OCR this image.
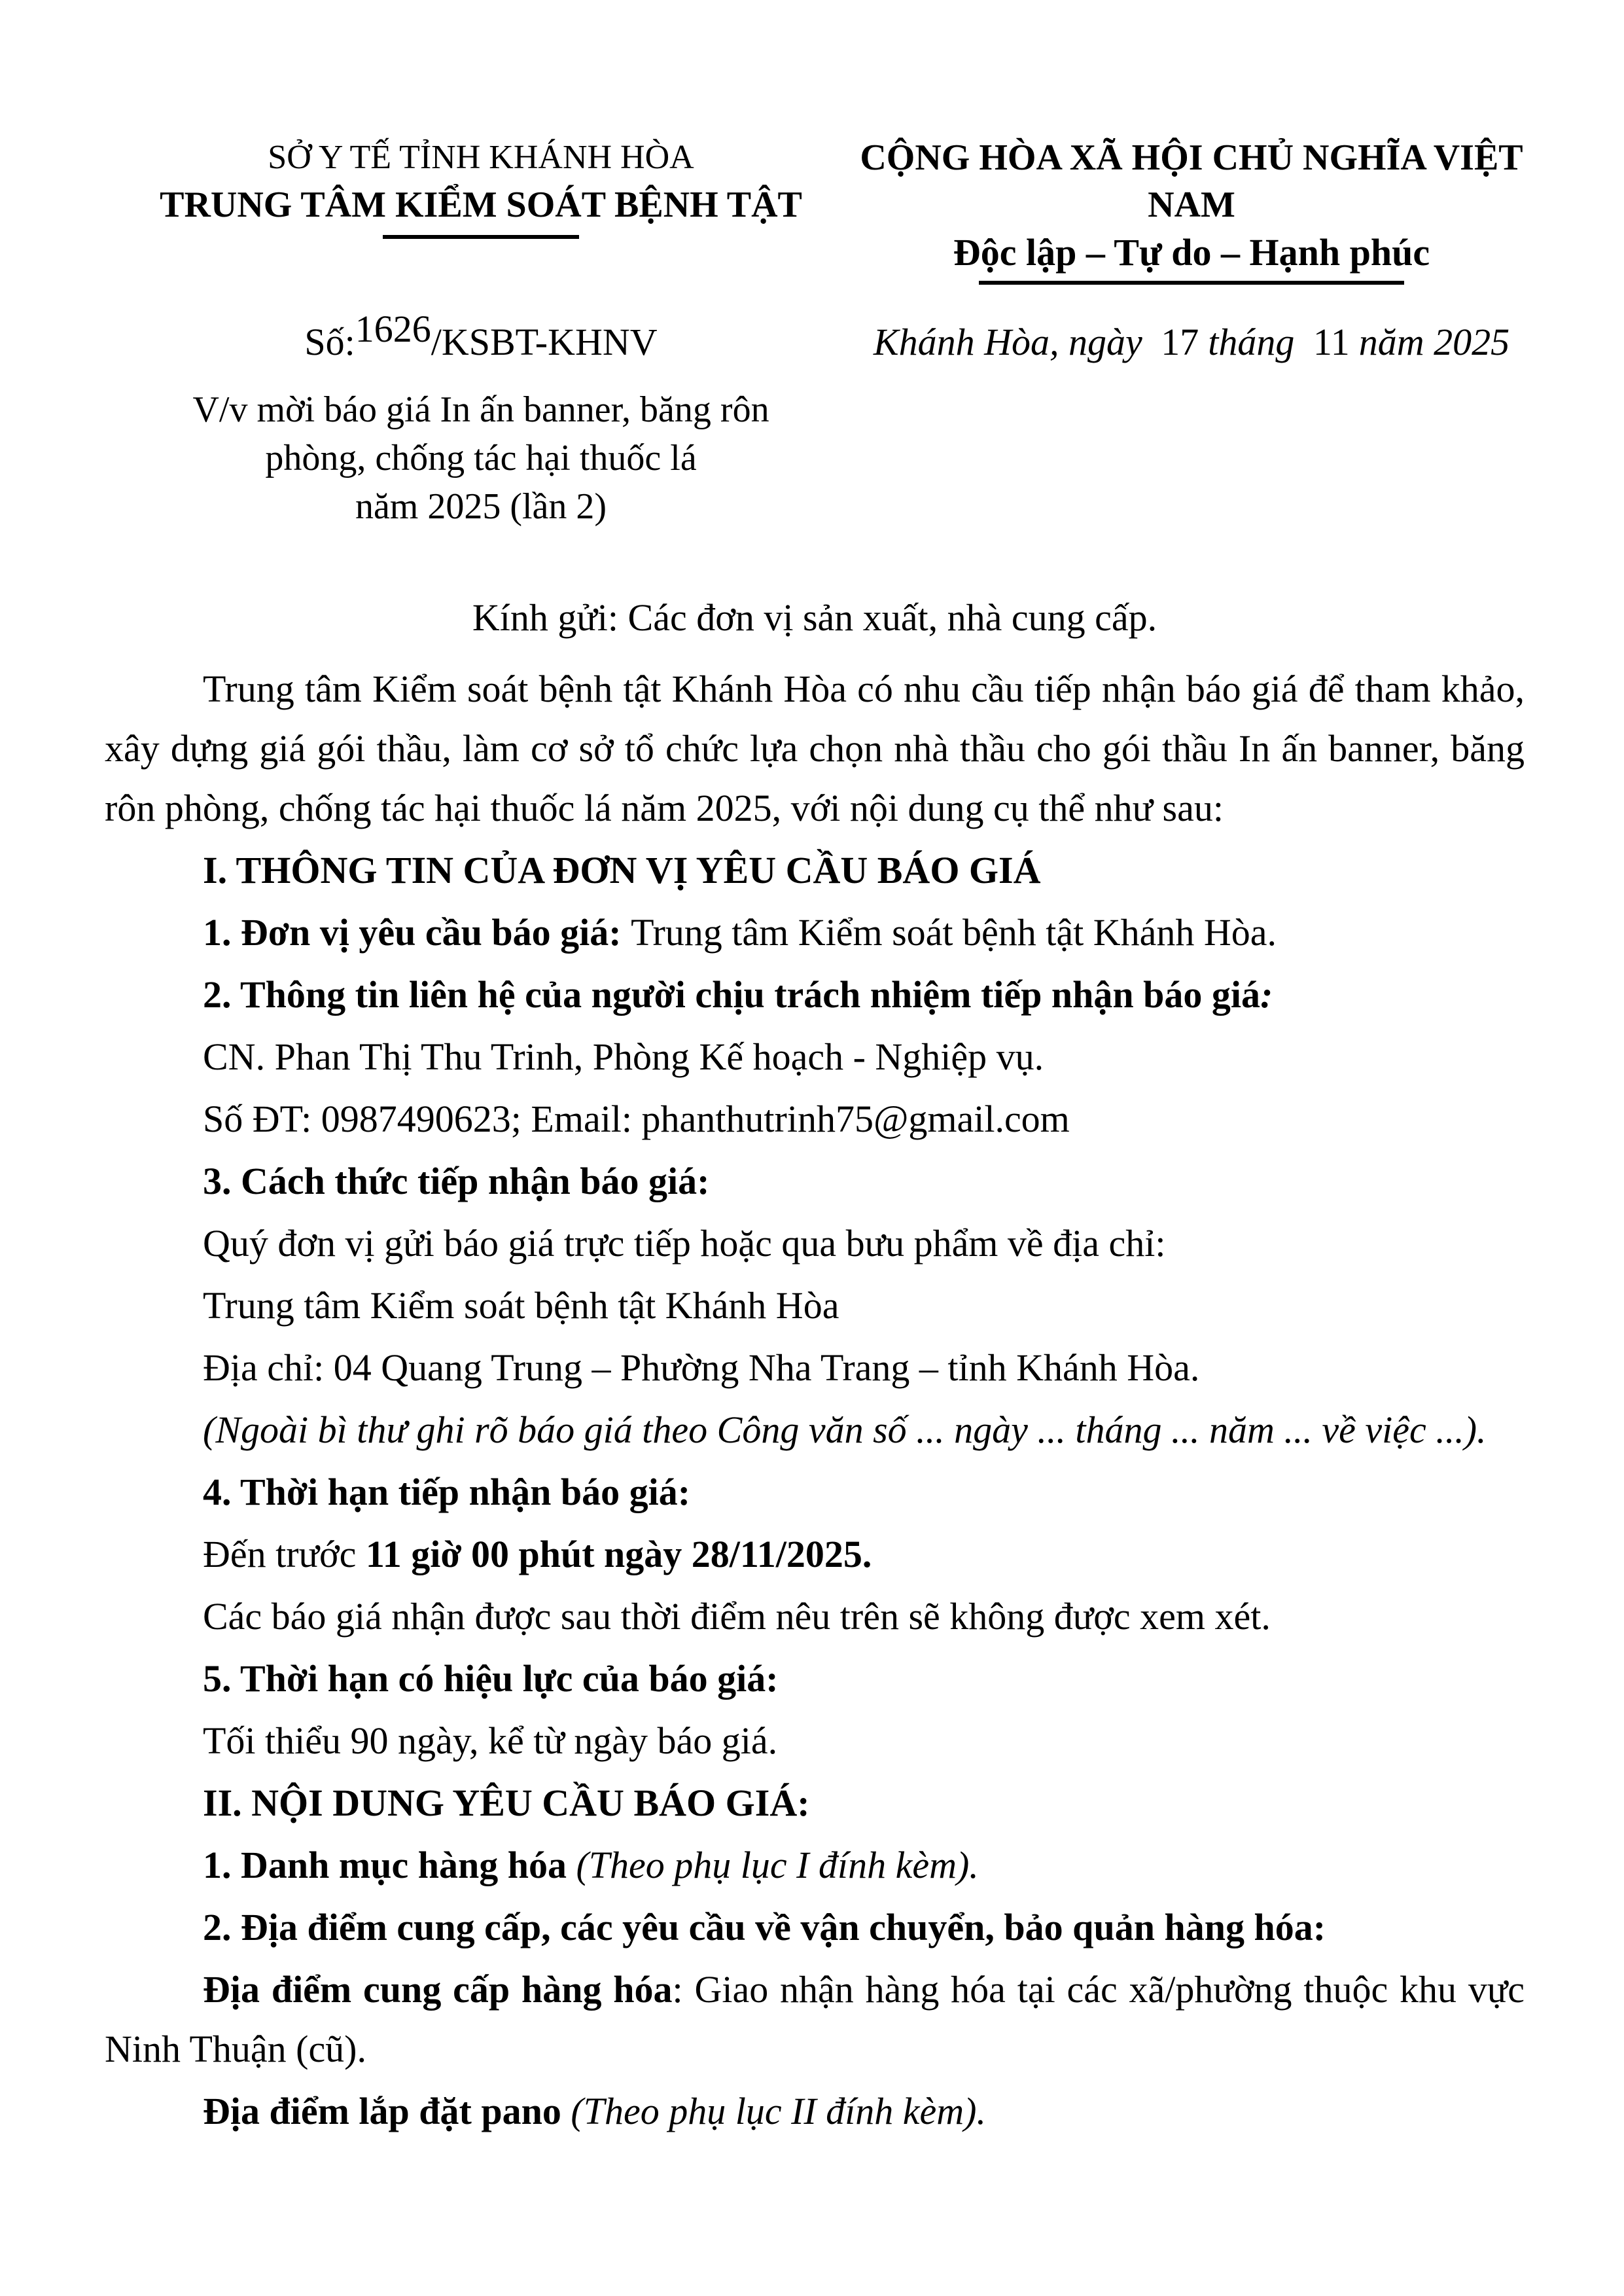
SỞ Y TẾ TỈNH KHÁNH HÒA
TRUNG TÂM KIỂM SOÁT BỆNH TẬT
CỘNG HÒA XÃ HỘI CHỦ NGHĨA VIỆT NAM
Độc lập – Tự do – Hạnh phúc
Số:1626/KSBT-KHNV	Khánh Hòa, ngày 17 tháng 11 năm 2025

V/v mời báo giá In ấn banner, băng rôn

phòng, chống tác hại thuốc lá

năm 2025 (lần 2)

Kính gửi: Các đơn vị sản xuất, nhà cung cấp.

Trung tâm Kiểm soát bệnh tật Khánh Hòa có nhu cầu tiếp nhận báo giá để tham khảo, xây dựng giá gói thầu, làm cơ sở tổ chức lựa chọn nhà thầu cho gói thầu In ấn banner, băng rôn phòng, chống tác hại thuốc lá năm 2025, với nội dung cụ thể như sau:

I. THÔNG TIN CỦA ĐƠN VỊ YÊU CẦU BÁO GIÁ

1. Đơn vị yêu cầu báo giá: Trung tâm Kiểm soát bệnh tật Khánh Hòa.

2. Thông tin liên hệ của người chịu trách nhiệm tiếp nhận báo giá:

CN. Phan Thị Thu Trinh, Phòng Kế hoạch - Nghiệp vụ.

Số ĐT: 0987490623; Email: phanthutrinh75@gmail.com

3. Cách thức tiếp nhận báo giá:

Quý đơn vị gửi báo giá trực tiếp hoặc qua bưu phẩm về địa chỉ:

Trung tâm Kiểm soát bệnh tật Khánh Hòa

Địa chỉ: 04 Quang Trung – Phường Nha Trang – tỉnh Khánh Hòa.

(Ngoài bì thư ghi rõ báo giá theo Công văn số ... ngày ... tháng ... năm ... về việc ...).

4. Thời hạn tiếp nhận báo giá:

Đến trước 11 giờ 00 phút ngày 28/11/2025.

Các báo giá nhận được sau thời điểm nêu trên sẽ không được xem xét.

5. Thời hạn có hiệu lực của báo giá:

Tối thiểu 90 ngày, kể từ ngày báo giá.

II. NỘI DUNG YÊU CẦU BÁO GIÁ:

1. Danh mục hàng hóa (Theo phụ lục I đính kèm).

2. Địa điểm cung cấp, các yêu cầu về vận chuyển, bảo quản hàng hóa:

Địa điểm cung cấp hàng hóa: Giao nhận hàng hóa tại các xã/phường thuộc khu vực Ninh Thuận (cũ).

Địa điểm lắp đặt pano (Theo phụ lục II đính kèm).
